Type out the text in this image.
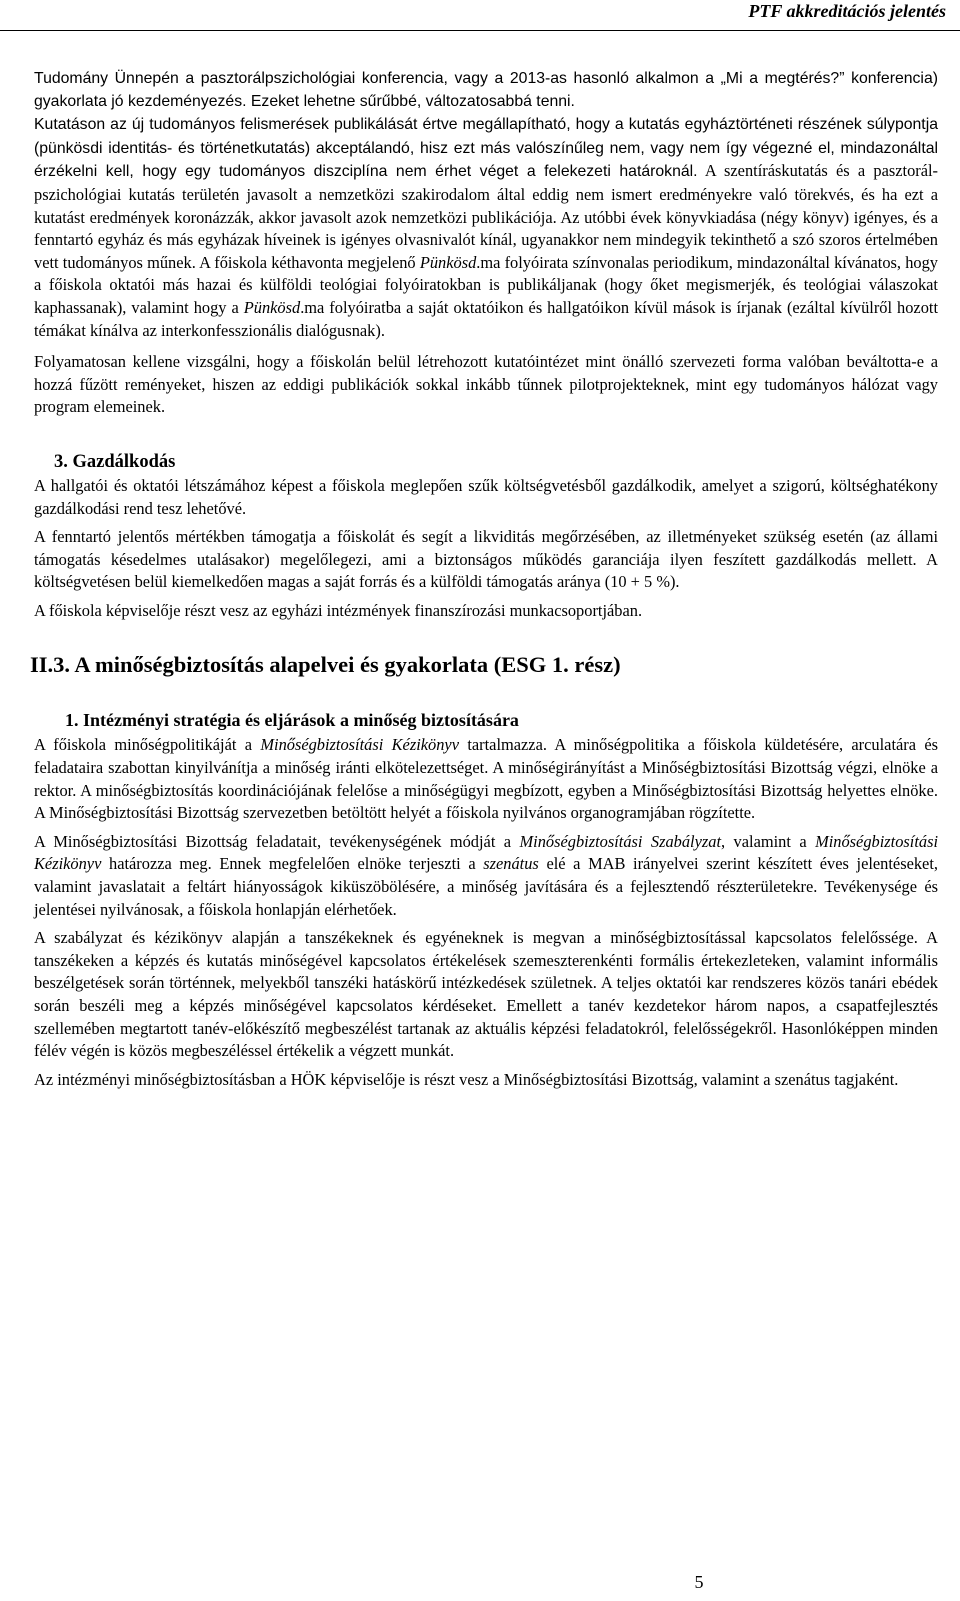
PTF akkreditációs jelentés

Tudomány Ünnepén a pasztorálpszichológiai konferencia, vagy a 2013-as hasonló alkalmon a „Mi a megtérés?” konferencia) gyakorlata jó kezdeményezés. Ezeket lehetne sűrűbbé, változatosabbá tenni.

Kutatáson az új tudományos felismerések publikálását értve megállapítható, hogy a kutatás egyháztörténeti részének súlypontja (pünkösdi identitás- és történetkutatás) akceptálandó, hisz ezt más valószínűleg nem, vagy nem így végezné el, mindazonáltal érzékelni kell, hogy egy tudományos diszciplína nem érhet véget a felekezeti határoknál. A szentíráskutatás és a pasztorál-pszichológiai kutatás területén javasolt a nemzetközi szakirodalom által eddig nem ismert eredményekre való törekvés, és ha ezt a kutatást eredmények koronázzák, akkor javasolt azok nemzetközi publikációja. Az utóbbi évek könyvkiadása (négy könyv) igényes, és a fenntartó egyház és más egyházak híveinek is igényes olvasnivalót kínál, ugyanakkor nem mindegyik tekinthető a szó szoros értelmében vett tudományos műnek. A főiskola kéthavonta megjelenő Pünkösd.ma folyóirata színvonalas periodikum, mindazonáltal kívánatos, hogy a főiskola oktatói más hazai és külföldi teológiai folyóiratokban is publikáljanak (hogy őket megismerjék, és teológiai válaszokat kaphassanak), valamint hogy a Pünkösd.ma folyóiratba a saját oktatóikon és hallgatóikon kívül mások is írjanak (ezáltal kívülről hozott témákat kínálva az interkonfesszionális dialógusnak).

Folyamatosan kellene vizsgálni, hogy a főiskolán belül létrehozott kutatóintézet mint önálló szervezeti forma valóban beváltotta-e a hozzá fűzött reményeket, hiszen az eddigi publikációk sokkal inkább tűnnek pilotprojekteknek, mint egy tudományos hálózat vagy program elemeinek.

3. Gazdálkodás

A hallgatói és oktatói létszámához képest a főiskola meglepően szűk költségvetésből gazdálkodik, amelyet a szigorú, költséghatékony gazdálkodási rend tesz lehetővé.

A fenntartó jelentős mértékben támogatja a főiskolát és segít a likviditás megőrzésében, az illetményeket szükség esetén (az állami támogatás késedelmes utalásakor) megelőlegezi, ami a biztonságos működés garanciája ilyen feszített gazdálkodás mellett. A költségvetésen belül kiemelkedően magas a saját forrás és a külföldi támogatás aránya (10 + 5 %).

A főiskola képviselője részt vesz az egyházi intézmények finanszírozási munkacsoportjában.

II.3. A minőségbiztosítás alapelvei és gyakorlata (ESG 1. rész)
1. Intézményi stratégia és eljárások a minőség biztosítására

A főiskola minőségpolitikáját a Minőségbiztosítási Kézikönyv tartalmazza. A minőségpolitika a főiskola küldetésére, arculatára és feladataira szabottan kinyilvánítja a minőség iránti elkötelezettséget. A minőségirányítást a Minőségbiztosítási Bizottság végzi, elnöke a rektor. A minőségbiztosítás koordinációjának felelőse a minőségügyi megbízott, egyben a Minőségbiztosítási Bizottság helyettes elnöke. A Minőségbiztosítási Bizottság szervezetben betöltött helyét a főiskola nyilvános organogramjában rögzítette.

A Minőségbiztosítási Bizottság feladatait, tevékenységének módját a Minőségbiztosítási Szabályzat, valamint a Minőségbiztosítási Kézikönyv határozza meg. Ennek megfelelően elnöke terjeszti a szenátus elé a MAB irányelvei szerint készített éves jelentéseket, valamint javaslatait a feltárt hiányosságok kiküszöbölésére, a minőség javítására és a fejlesztendő részterületekre. Tevékenysége és jelentései nyilvánosak, a főiskola honlapján elérhetőek.

A szabályzat és kézikönyv alapján a tanszékeknek és egyéneknek is megvan a minőségbiztosítással kapcsolatos felelőssége. A tanszékeken a képzés és kutatás minőségével kapcsolatos értékelések szemeszterenkénti formális értekezleteken, valamint informális beszélgetések során történnek, melyekből tanszéki hatáskörű intézkedések születnek. A teljes oktatói kar rendszeres közös tanári ebédek során beszéli meg a képzés minőségével kapcsolatos kérdéseket. Emellett a tanév kezdetekor három napos, a csapatfejlesztés szellemében megtartott tanév-előkészítő megbeszélést tartanak az aktuális képzési feladatokról, felelősségekről. Hasonlóképpen minden félév végén is közös megbeszéléssel értékelik a végzett munkát.

Az intézményi minőségbiztosításban a HÖK képviselője is részt vesz a Minőségbiztosítási Bizottság, valamint a szenátus tagjaként.

5
